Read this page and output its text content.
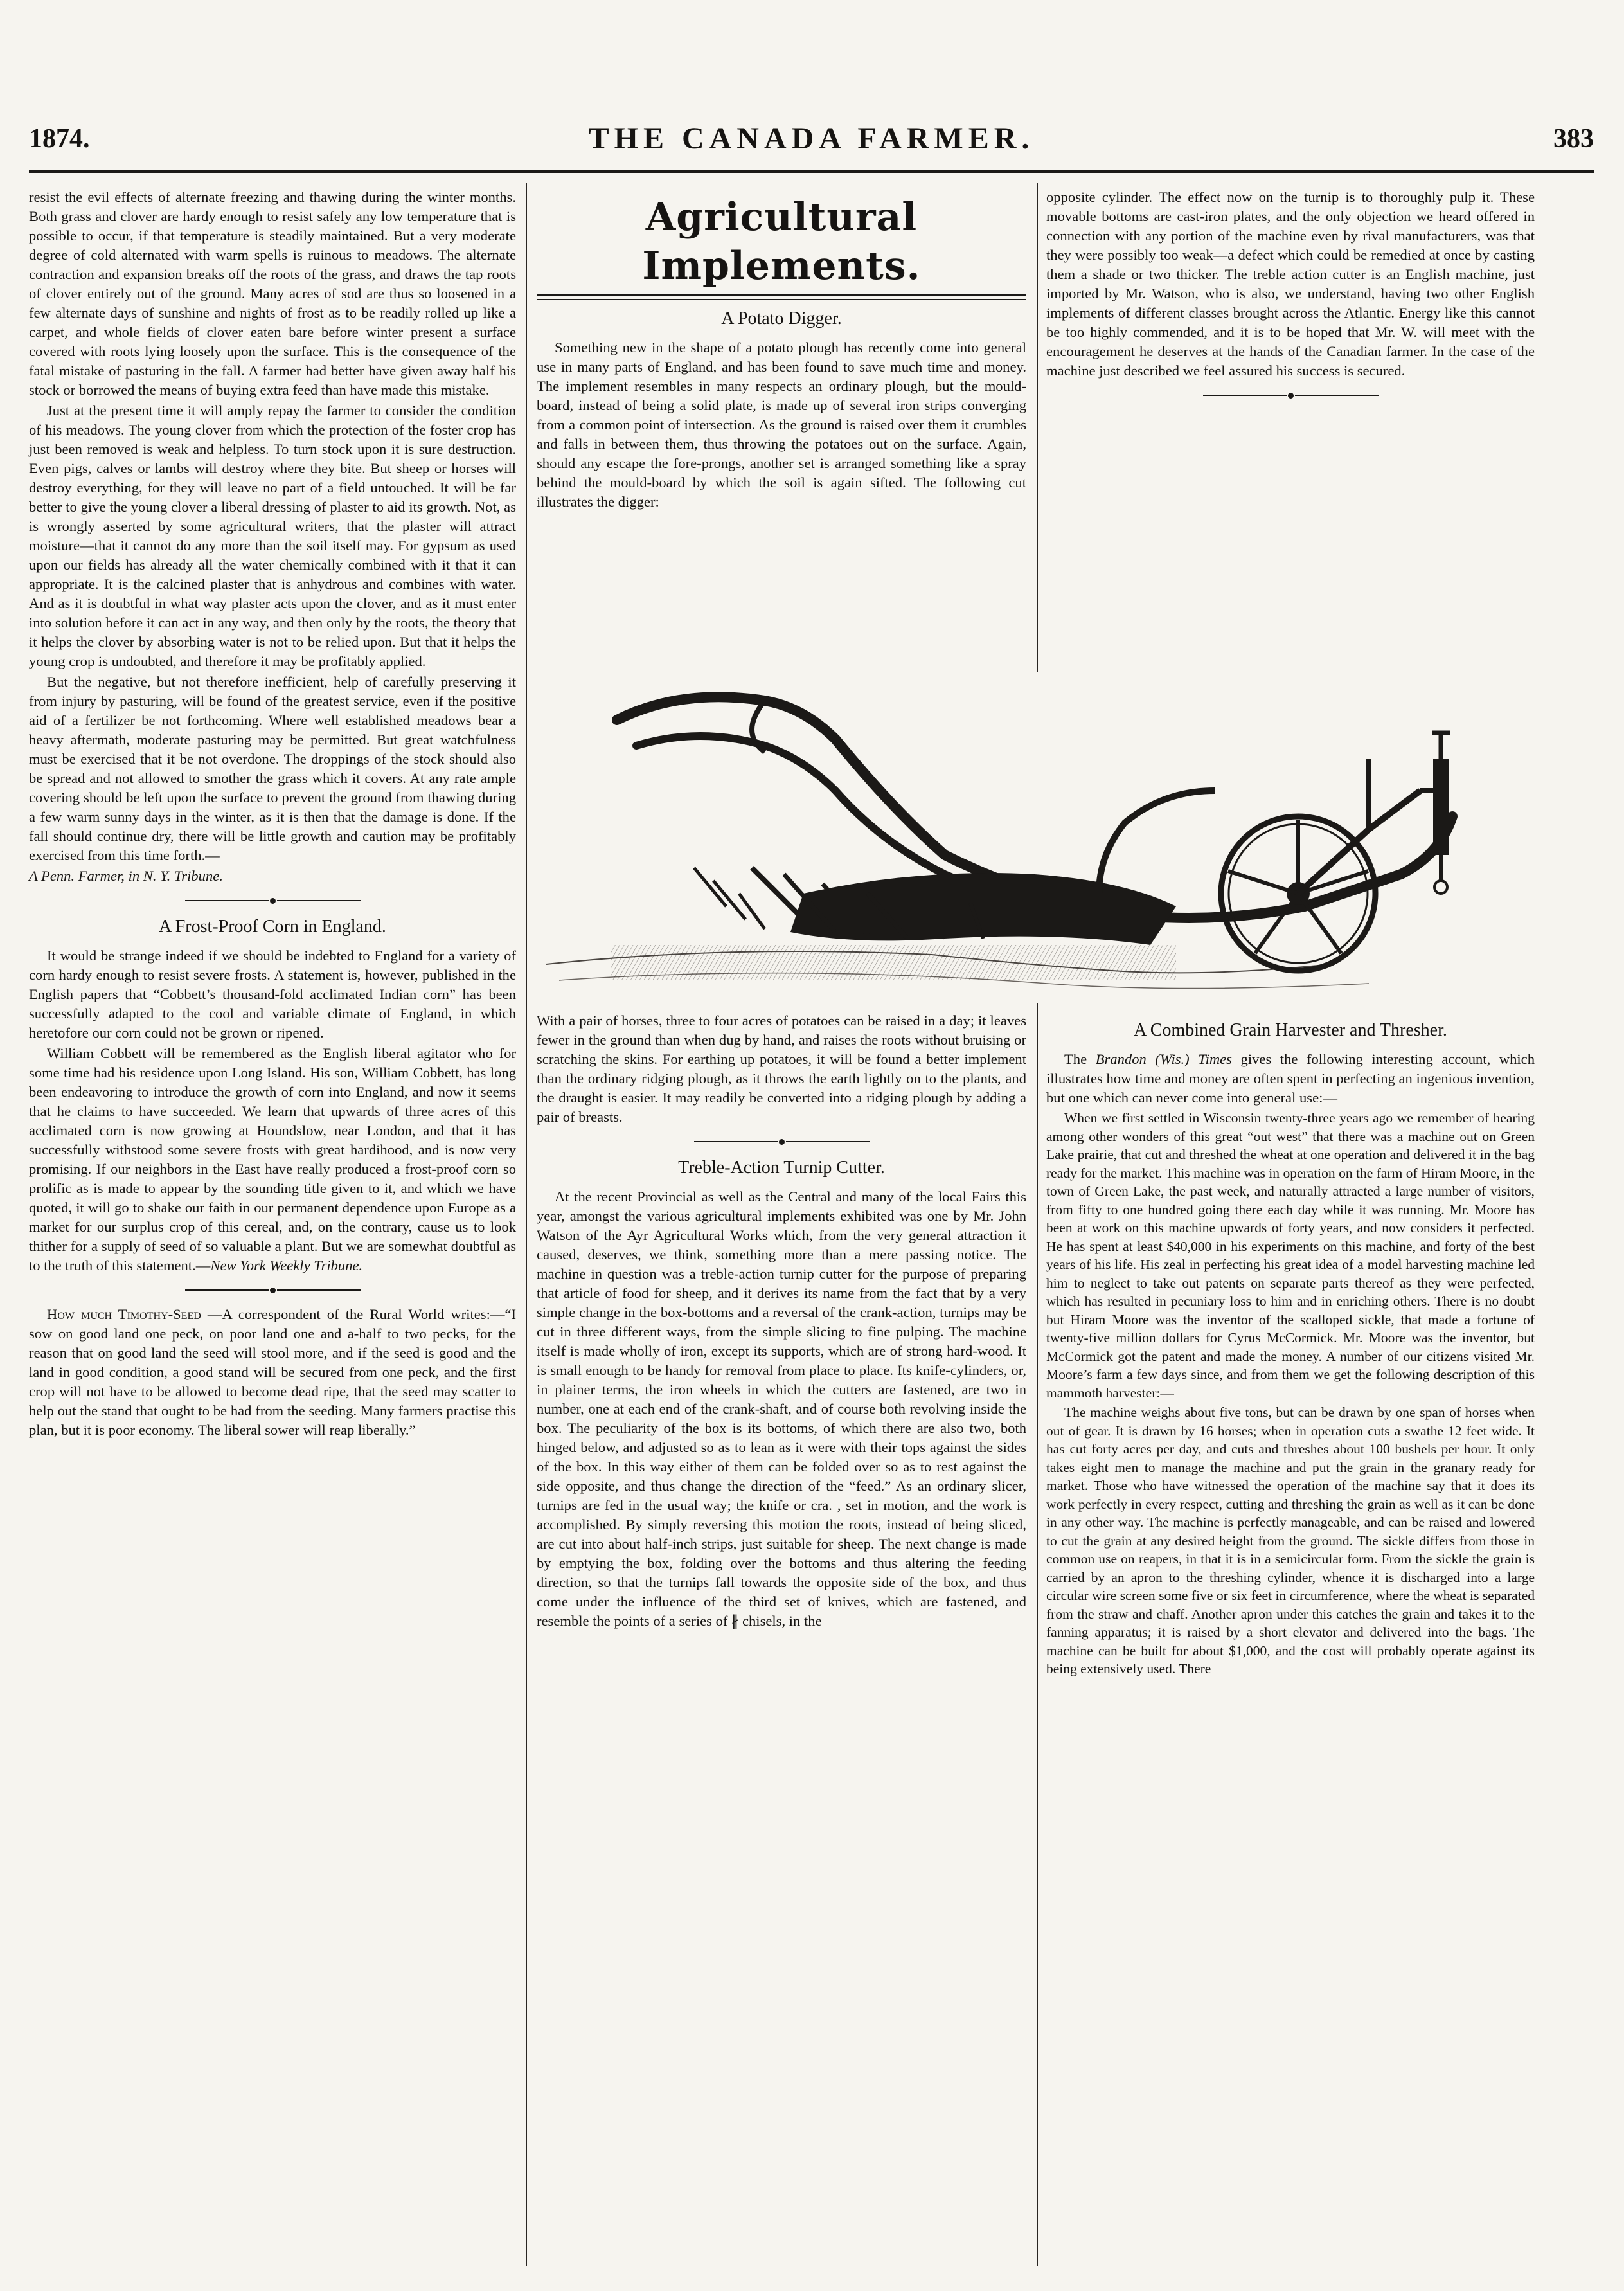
1874.	THE CANADA FARMER.	383

resist the evil effects of alternate freezing and thawing during the winter months. Both grass and clover are hardy enough to resist safely any low temperature that is possible to occur, if that temperature is steadily maintained. But a very moderate degree of cold alternated with warm spells is ruinous to meadows. The alternate contraction and expansion breaks off the roots of the grass, and draws the tap roots of clover entirely out of the ground. Many acres of sod are thus so loosened in a few alternate days of sunshine and nights of frost as to be readily rolled up like a carpet, and whole fields of clover eaten bare before winter present a surface covered with roots lying loosely upon the surface. This is the consequence of the fatal mistake of pasturing in the fall. A farmer had better have given away half his stock or borrowed the means of buying extra feed than have made this mistake.

Just at the present time it will amply repay the farmer to consider the condition of his meadows. The young clover from which the protection of the foster crop has just been removed is weak and helpless. To turn stock upon it is sure destruction. Even pigs, calves or lambs will destroy where they bite. But sheep or horses will destroy everything, for they will leave no part of a field untouched. It will be far better to give the young clover a liberal dressing of plaster to aid its growth. Not, as is wrongly asserted by some agricultural writers, that the plaster will attract moisture—that it cannot do any more than the soil itself may. For gypsum as used upon our fields has already all the water chemically combined with it that it can appropriate. It is the calcined plaster that is anhydrous and combines with water. And as it is doubtful in what way plaster acts upon the clover, and as it must enter into solution before it can act in any way, and then only by the roots, the theory that it helps the clover by absorbing water is not to be relied upon. But that it helps the young crop is undoubted, and therefore it may be profitably applied.

But the negative, but not therefore inefficient, help of carefully preserving it from injury by pasturing, will be found of the greatest service, even if the positive aid of a fertilizer be not forthcoming. Where well established meadows bear a heavy aftermath, moderate pasturing may be permitted. But great watchfulness must be exercised that it be not overdone. The droppings of the stock should also be spread and not allowed to smother the grass which it covers. At any rate ample covering should be left upon the surface to prevent the ground from thawing during a few warm sunny days in the winter, as it is then that the damage is done. If the fall should continue dry, there will be little growth and caution may be profitably exercised from this time forth.—

A Penn. Farmer, in N. Y. Tribune.

A Frost-Proof Corn in England.

It would be strange indeed if we should be indebted to England for a variety of corn hardy enough to resist severe frosts. A statement is, however, published in the English papers that “Cobbett’s thousand-fold acclimated Indian corn” has been successfully adapted to the cool and variable climate of England, in which heretofore our corn could not be grown or ripened.

William Cobbett will be remembered as the English liberal agitator who for some time had his residence upon Long Island. His son, William Cobbett, has long been endeavoring to introduce the growth of corn into England, and now it seems that he claims to have succeeded. We learn that upwards of three acres of this acclimated corn is now growing at Houndslow, near London, and that it has successfully withstood some severe frosts with great hardihood, and is now very promising. If our neighbors in the East have really produced a frost-proof corn so prolific as is made to appear by the sounding title given to it, and which we have quoted, it will go to shake our faith in our permanent dependence upon Europe as a market for our surplus crop of this cereal, and, on the contrary, cause us to look thither for a supply of seed of so valuable a plant. But we are somewhat doubtful as to the truth of this statement.—New York Weekly Tribune.

How much Timothy-Seed —A correspondent of the Rural World writes:—“I sow on good land one peck, on poor land one and a-half to two pecks, for the reason that on good land the seed will stool more, and if the seed is good and the land in good condition, a good stand will be secured from one peck, and the first crop will not have to be allowed to become dead ripe, that the seed may scatter to help out the stand that ought to be had from the seeding. Many farmers practise this plan, but it is poor economy. The liberal sower will reap liberally.”

Agricultural Implements.
A Potato Digger.

Something new in the shape of a potato plough has recently come into general use in many parts of England, and has been found to save much time and money. The implement resembles in many respects an ordinary plough, but the mould-board, instead of being a solid plate, is made up of several iron strips converging from a common point of intersection. As the ground is raised over them it crumbles and falls in between them, thus throwing the potatoes out on the surface. Again, should any escape the fore-prongs, another set is arranged something like a spray behind the mould-board by which the soil is again sifted. The following cut illustrates the digger:

With a pair of horses, three to four acres of potatoes can be raised in a day; it leaves fewer in the ground than when dug by hand, and raises the roots without bruising or scratching the skins. For earthing up potatoes, it will be found a better implement than the ordinary ridging plough, as it throws the earth lightly on to the plants, and the draught is easier. It may readily be converted into a ridging plough by adding a pair of breasts.

Treble-Action Turnip Cutter.

At the recent Provincial as well as the Central and many of the local Fairs this year, amongst the various agricultural implements exhibited was one by Mr. John Watson of the Ayr Agricultural Works which, from the very general attraction it caused, deserves, we think, something more than a mere passing notice. The machine in question was a treble-action turnip cutter for the purpose of preparing that article of food for sheep, and it derives its name from the fact that by a very simple change in the box-bottoms and a reversal of the crank-action, turnips may be cut in three different ways, from the simple slicing to fine pulping. The machine itself is made wholly of iron, except its supports, which are of strong hard-wood. It is small enough to be handy for removal from place to place. Its knife-cylinders, or, in plainer terms, the iron wheels in which the cutters are fastened, are two in number, one at each end of the crank-shaft, and of course both revolving inside the box. The peculiarity of the box is its bottoms, of which there are also two, both hinged below, and adjusted so as to lean as it were with their tops against the sides of the box. In this way either of them can be folded over so as to rest against the side opposite, and thus change the direction of the “feed.” As an ordinary slicer, turnips are fed in the usual way; the knife or cra. , set in motion, and the work is accomplished. By simply reversing this motion the roots, instead of being sliced, are cut into about half-inch strips, just suitable for sheep. The next change is made by emptying the box, folding over the bottoms and thus altering the feeding direction, so that the turnips fall towards the opposite side of the box, and thus come under the influence of the third set of knives, which are fastened, and resemble the points of a series of ∦ chisels, in the

opposite cylinder. The effect now on the turnip is to thoroughly pulp it. These movable bottoms are cast-iron plates, and the only objection we heard offered in connection with any portion of the machine even by rival manufacturers, was that they were possibly too weak—a defect which could be remedied at once by casting them a shade or two thicker. The treble action cutter is an English machine, just imported by Mr. Watson, who is also, we understand, having two other English implements of different classes brought across the Atlantic. Energy like this cannot be too highly commended, and it is to be hoped that Mr. W. will meet with the encouragement he deserves at the hands of the Canadian farmer. In the case of the machine just described we feel assured his success is secured.

A Combined Grain Harvester and Thresher.

The Brandon (Wis.) Times gives the following interesting account, which illustrates how time and money are often spent in perfecting an ingenious invention, but one which can never come into general use:—

When we first settled in Wisconsin twenty-three years ago we remember of hearing among other wonders of this great “out west” that there was a machine out on Green Lake prairie, that cut and threshed the wheat at one operation and delivered it in the bag ready for the market. This machine was in operation on the farm of Hiram Moore, in the town of Green Lake, the past week, and naturally attracted a large number of visitors, from fifty to one hundred going there each day while it was running. Mr. Moore has been at work on this machine upwards of forty years, and now considers it perfected. He has spent at least $40,000 in his experiments on this machine, and forty of the best years of his life. His zeal in perfecting his great idea of a model harvesting machine led him to neglect to take out patents on separate parts thereof as they were perfected, which has resulted in pecuniary loss to him and in enriching others. There is no doubt but Hiram Moore was the inventor of the scalloped sickle, that made a fortune of twenty-five million dollars for Cyrus McCormick. Mr. Moore was the inventor, but McCormick got the patent and made the money. A number of our citizens visited Mr. Moore’s farm a few days since, and from them we get the following description of this mammoth harvester:—

The machine weighs about five tons, but can be drawn by one span of horses when out of gear. It is drawn by 16 horses; when in operation cuts a swathe 12 feet wide. It has cut forty acres per day, and cuts and threshes about 100 bushels per hour. It only takes eight men to manage the machine and put the grain in the granary ready for market. Those who have witnessed the operation of the machine say that it does its work perfectly in every respect, cutting and threshing the grain as well as it can be done in any other way. The machine is perfectly manageable, and can be raised and lowered to cut the grain at any desired height from the ground. The sickle differs from those in common use on reapers, in that it is in a semicircular form. From the sickle the grain is carried by an apron to the threshing cylinder, whence it is discharged into a large circular wire screen some five or six feet in circumference, where the wheat is separated from the straw and chaff. Another apron under this catches the grain and takes it to the fanning apparatus; it is raised by a short elevator and delivered into the bags. The machine can be built for about $1,000, and the cost will probably operate against its being extensively used. There
